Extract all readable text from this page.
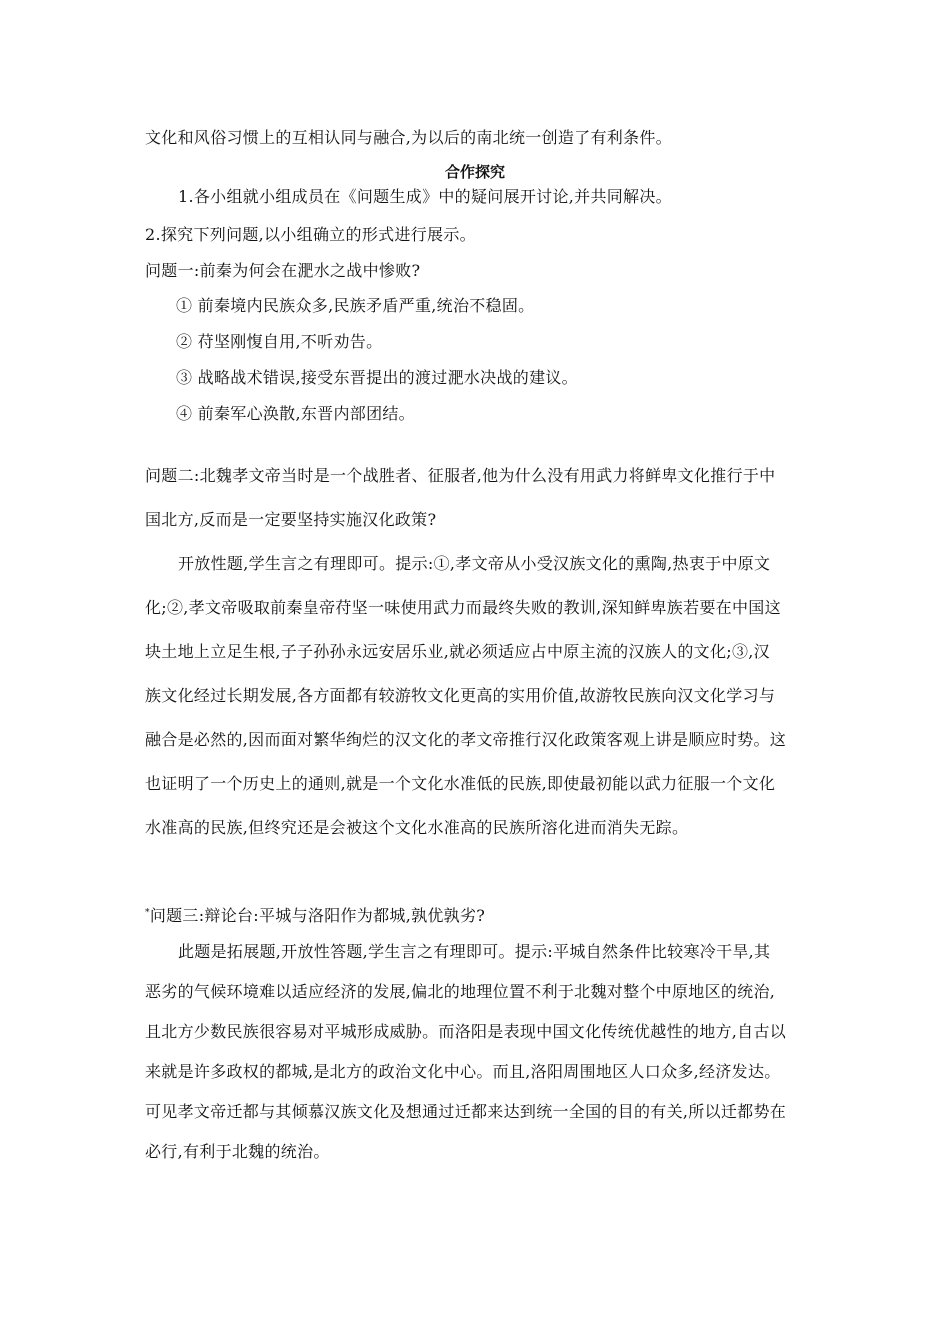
文化和风俗习惯上的互相认同与融合,为以后的南北统一创造了有利条件。
合作探究
1.各小组就小组成员在《问题生成》中的疑问展开讨论,并共同解决。
2.探究下列问题,以小组确立的形式进行展示。
问题一:前秦为何会在淝水之战中惨败?
① 前秦境内民族众多,民族矛盾严重,统治不稳固。
② 苻坚刚愎自用,不听劝告。
③ 战略战术错误,接受东晋提出的渡过淝水决战的建议。
④ 前秦军心涣散,东晋内部团结。
问题二:北魏孝文帝当时是一个战胜者、征服者,他为什么没有用武力将鲜卑文化推行于中
国北方,反而是一定要坚持实施汉化政策?
开放性题,学生言之有理即可。提示:①,孝文帝从小受汉族文化的熏陶,热衷于中原文
化;②,孝文帝吸取前秦皇帝苻坚一味使用武力而最终失败的教训,深知鲜卑族若要在中国这
块土地上立足生根,子子孙孙永远安居乐业,就必须适应占中原主流的汉族人的文化;③,汉
族文化经过长期发展,各方面都有较游牧文化更高的实用价值,故游牧民族向汉文化学习与
融合是必然的,因而面对繁华绚烂的汉文化的孝文帝推行汉化政策客观上讲是顺应时势。这
也证明了一个历史上的通则,就是一个文化水准低的民族,即使最初能以武力征服一个文化
水准高的民族,但终究还是会被这个文化水准高的民族所溶化进而消失无踪。
*问题三:辩论台:平城与洛阳作为都城,孰优孰劣?
此题是拓展题,开放性答题,学生言之有理即可。提示:平城自然条件比较寒冷干旱,其
恶劣的气候环境难以适应经济的发展,偏北的地理位置不利于北魏对整个中原地区的统治,
且北方少数民族很容易对平城形成威胁。而洛阳是表现中国文化传统优越性的地方,自古以
来就是许多政权的都城,是北方的政治文化中心。而且,洛阳周围地区人口众多,经济发达。
可见孝文帝迁都与其倾慕汉族文化及想通过迁都来达到统一全国的目的有关,所以迁都势在
必行,有利于北魏的统治。
